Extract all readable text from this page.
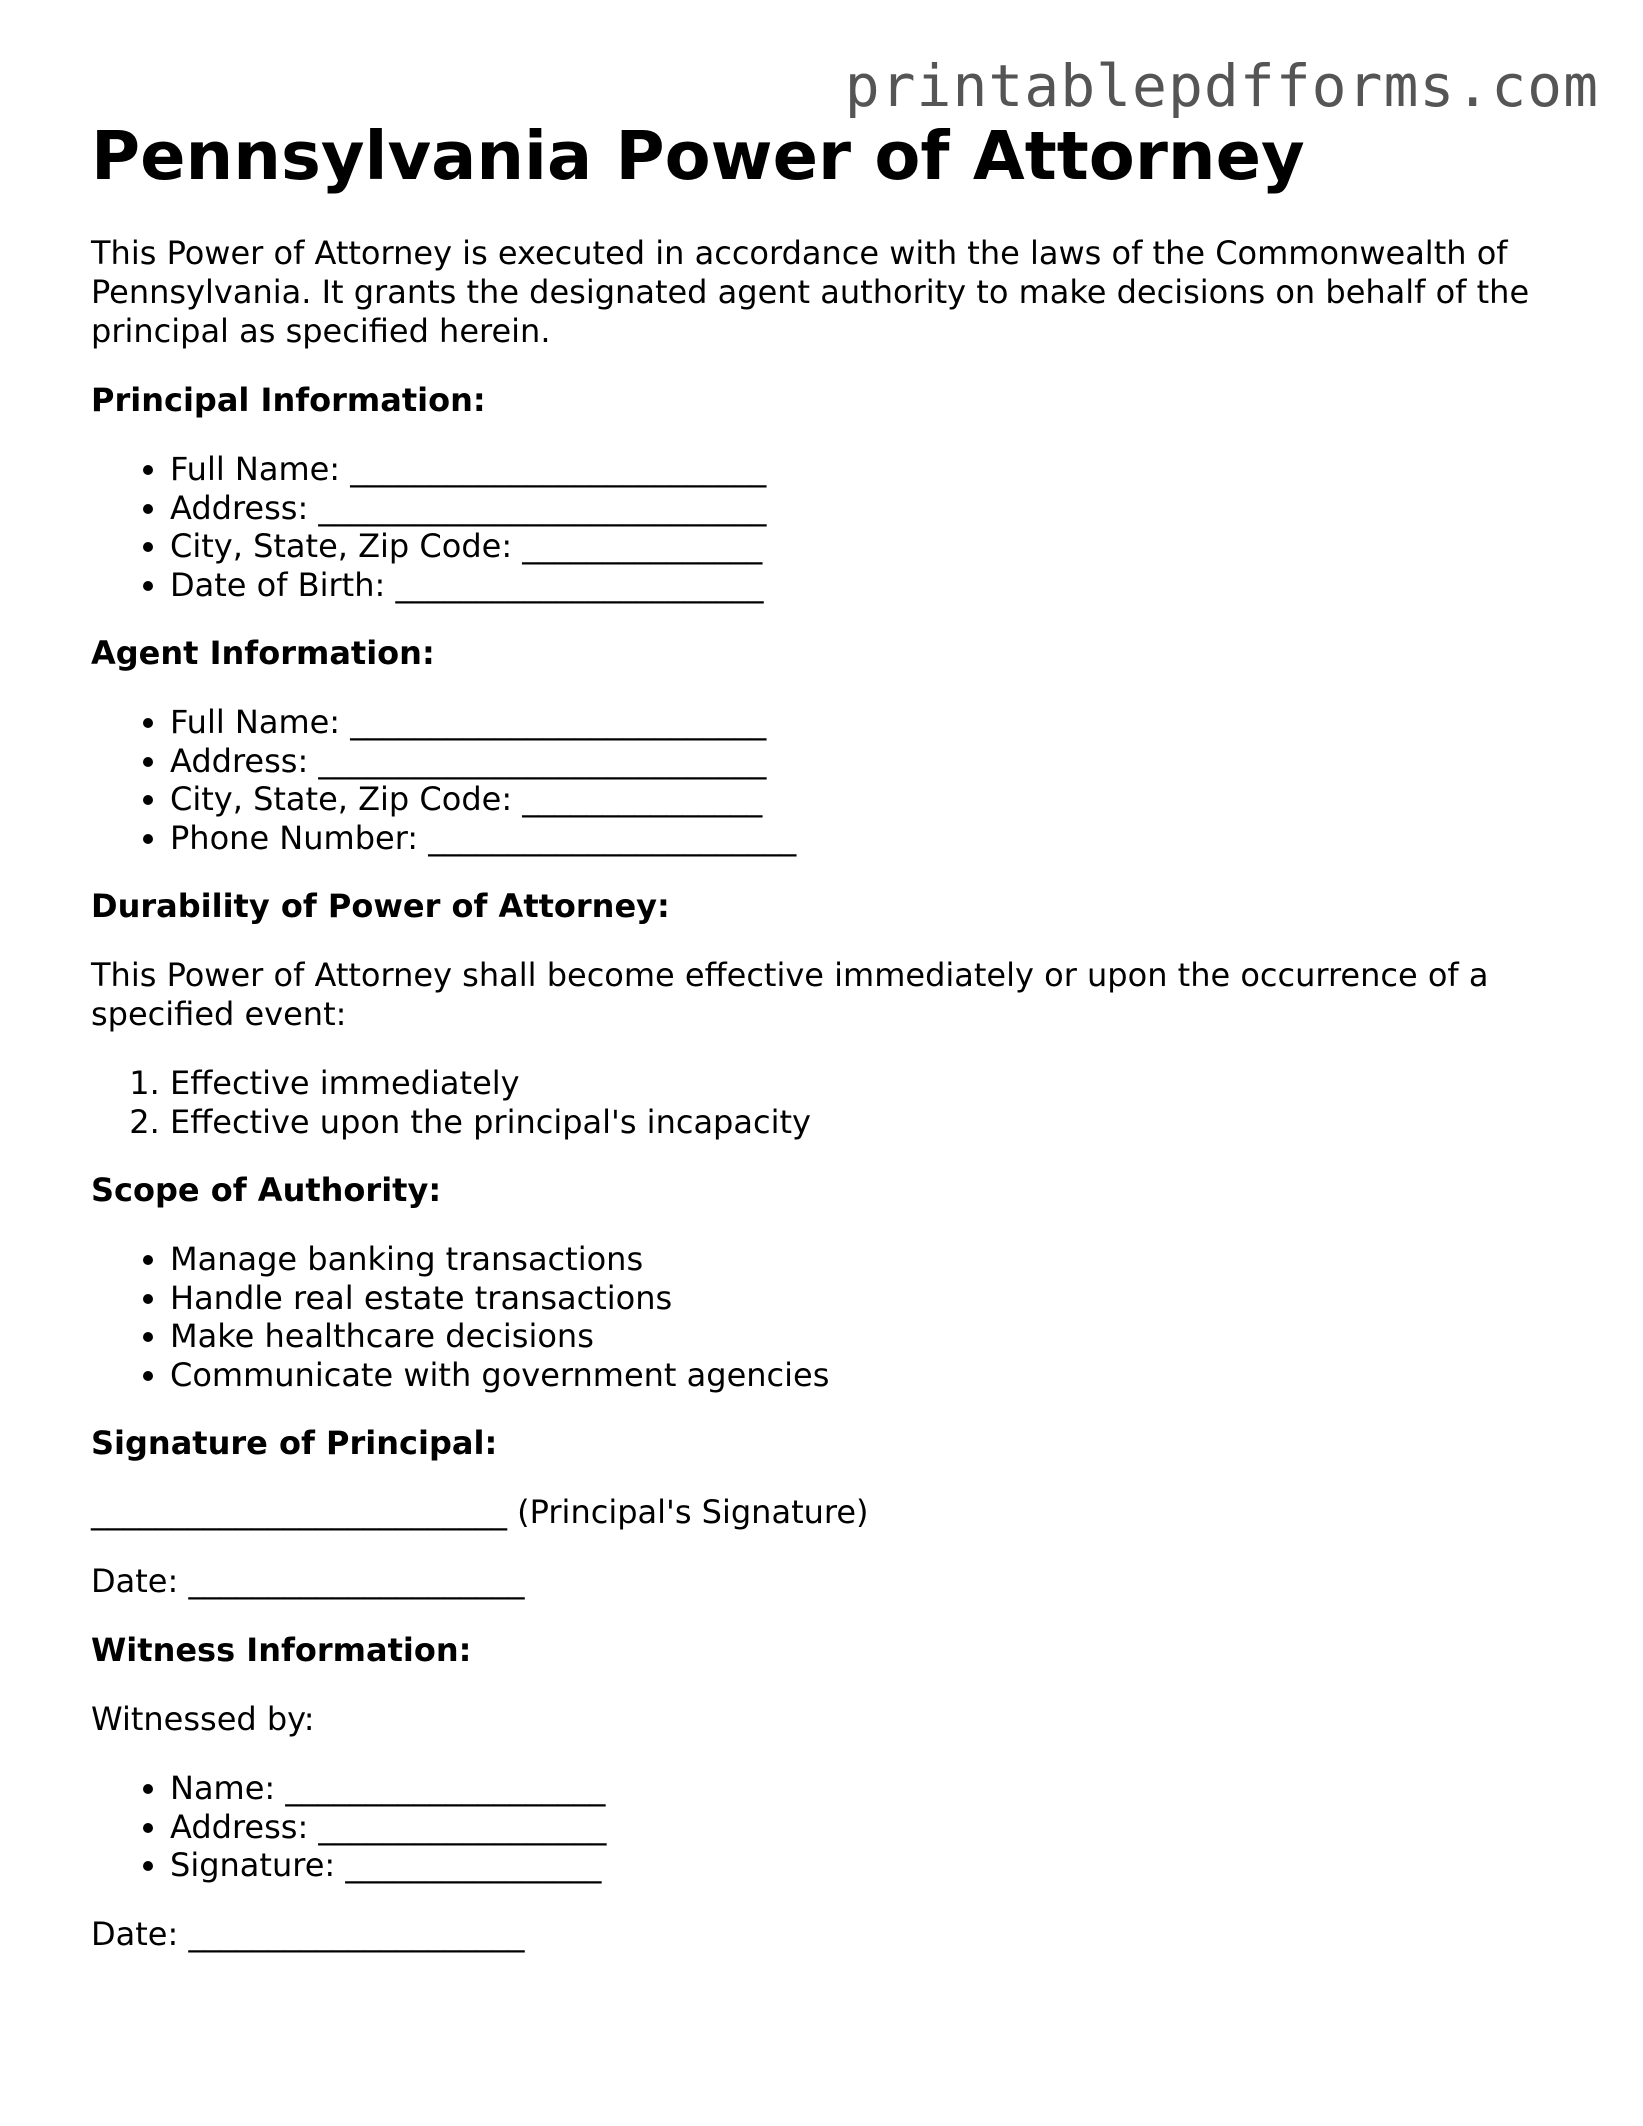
printablepdfforms.com
Pennsylvania Power of Attorney

This Power of Attorney is executed in accordance with the laws of the Commonwealth of Pennsylvania. It grants the designated agent authority to make decisions on behalf of the principal as specified herein.

Principal Information:
• Full Name: __________________________
• Address: ____________________________
• City, State, Zip Code: _______________
• Date of Birth: _______________________
Agent Information:
• Full Name: __________________________
• Address: ____________________________
• City, State, Zip Code: _______________
• Phone Number: _______________________
Durability of Power of Attorney:

This Power of Attorney shall become effective immediately or upon the occurrence of a specified event:

1. Effective immediately
2. Effective upon the principal's incapacity
Scope of Authority:
• Manage banking transactions
• Handle real estate transactions
• Make healthcare decisions
• Communicate with government agencies
Signature of Principal:

__________________________ (Principal's Signature)

Date: _____________________

Witness Information:

Witnessed by:

• Name: ____________________
• Address: __________________
• Signature: ________________

Date: _____________________
